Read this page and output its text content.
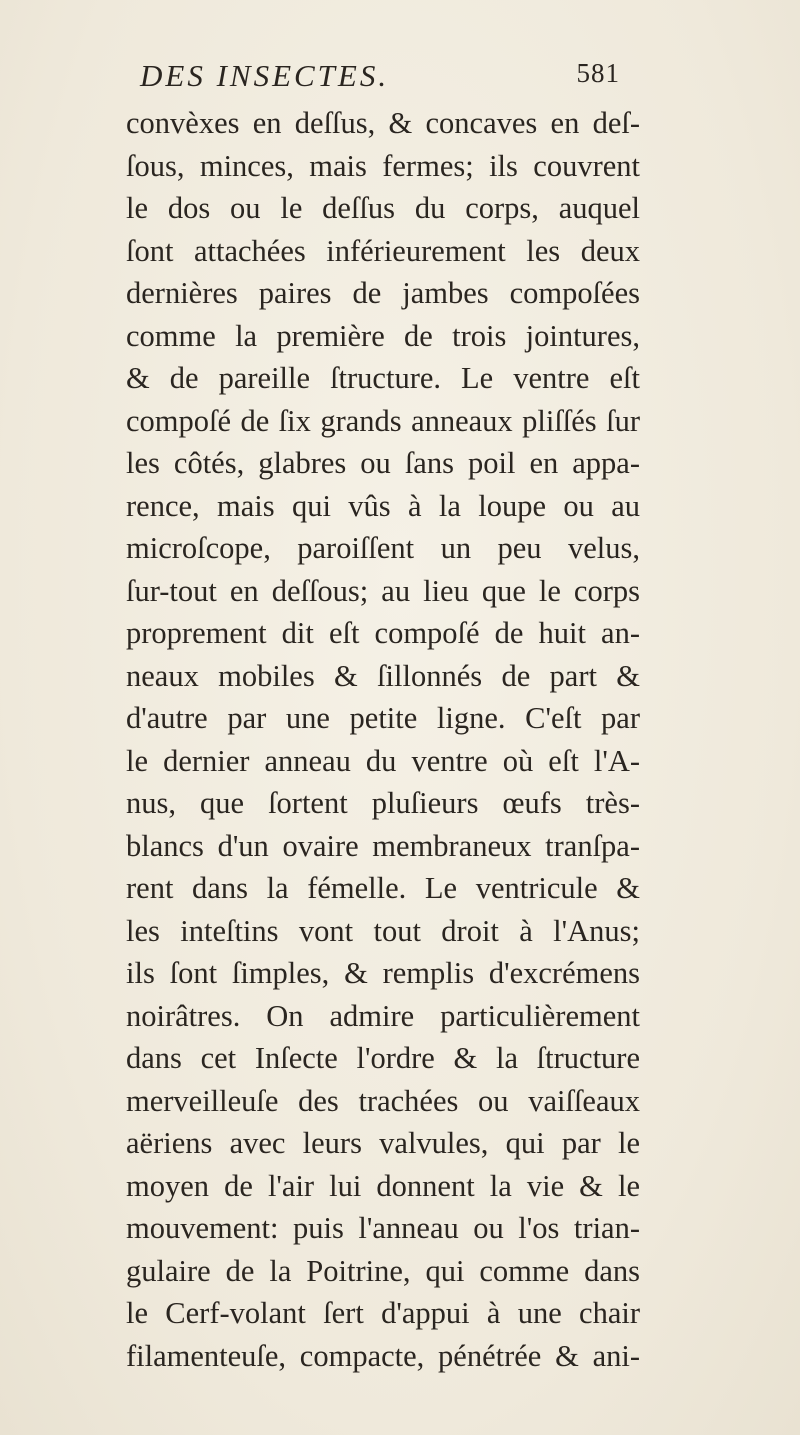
DES INSECTES.	581
convèxes en deſſus, & concaves en deſ-
ſous, minces, mais fermes; ils couvrent
le dos ou le deſſus du corps, auquel
ſont attachées inférieurement les deux
dernières paires de jambes compoſées
comme la première de trois jointures,
& de pareille ſtructure. Le ventre eſt
compoſé de ſix grands anneaux pliſſés ſur
les côtés, glabres ou ſans poil en appa-
rence, mais qui vûs à la loupe ou au
microſcope, paroiſſent un peu velus,
ſur-tout en deſſous; au lieu que le corps
proprement dit eſt compoſé de huit an-
neaux mobiles & ſillonnés de part &
d'autre par une petite ligne. C'eſt par
le dernier anneau du ventre où eſt l'A-
nus, que ſortent pluſieurs œufs très-
blancs d'un ovaire membraneux tranſpa-
rent dans la fémelle. Le ventricule &
les inteſtins vont tout droit à l'Anus;
ils ſont ſimples, & remplis d'excrémens
noirâtres. On admire particulièrement
dans cet Inſecte l'ordre & la ſtructure
merveilleuſe des trachées ou vaiſſeaux
aëriens avec leurs valvules, qui par le
moyen de l'air lui donnent la vie & le
mouvement: puis l'anneau ou l'os trian-
gulaire de la Poitrine, qui comme dans
le Cerf-volant ſert d'appui à une chair
filamenteuſe, compacte, pénétrée & ani-
